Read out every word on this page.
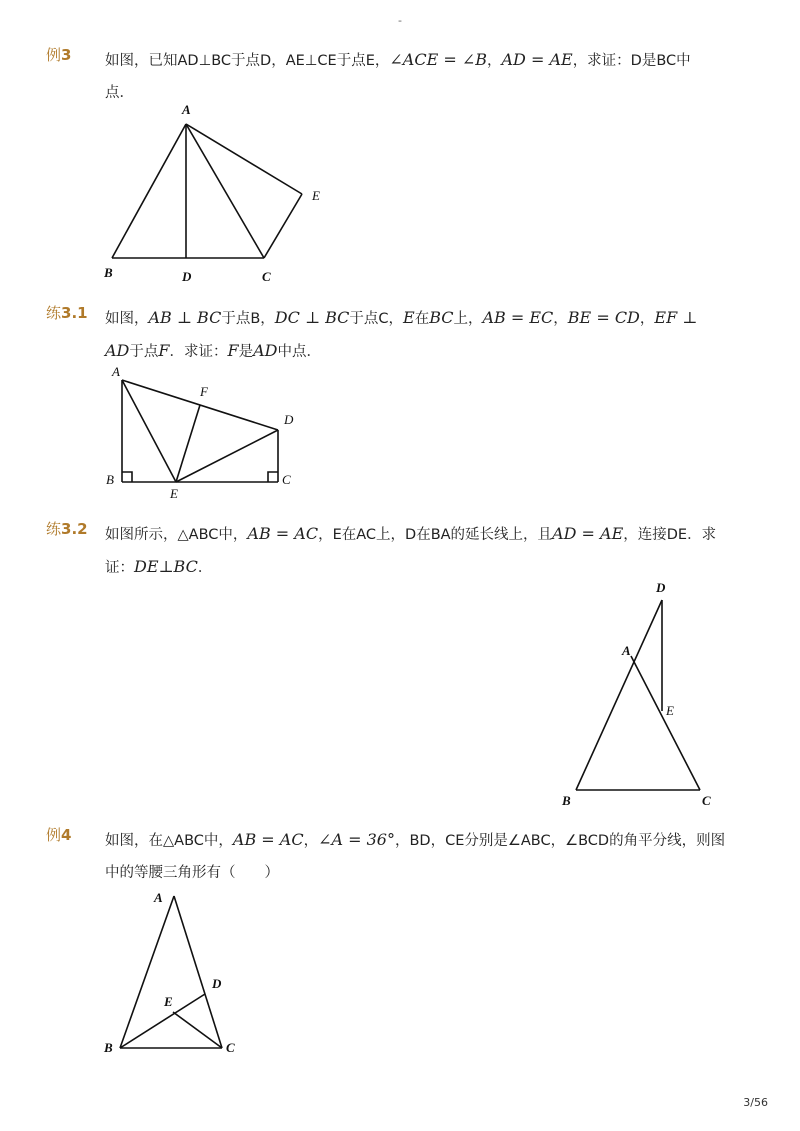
-
例3 如图，已知AD⊥BC于点D，AE⊥CE于点E，∠ACE = ∠B，AD = AE，求证：D是BC中
点．
A
E
B	D	C
练3.1 如图，AB ⊥ BC于点B，DC ⊥ BC于点C，E在BC上，AB = EC，BE = CD，EF ⊥
AD于点F．求证：F是AD中点．
A
F
D
B
E
C
练3.2 如图所示，△ABC中，AB = AC，E在AC上，D在BA的延长线上，且AD = AE，连接DE．求
证：DE⊥BC．
D
A
E
B	C
例4 如图，在△ABC中，AB = AC，∠A = 36°，BD，CE分别是∠ABC，∠BCD的角平分线，则图
中的等腰三角形有（　　）
A
D
E
B	C
3/56
